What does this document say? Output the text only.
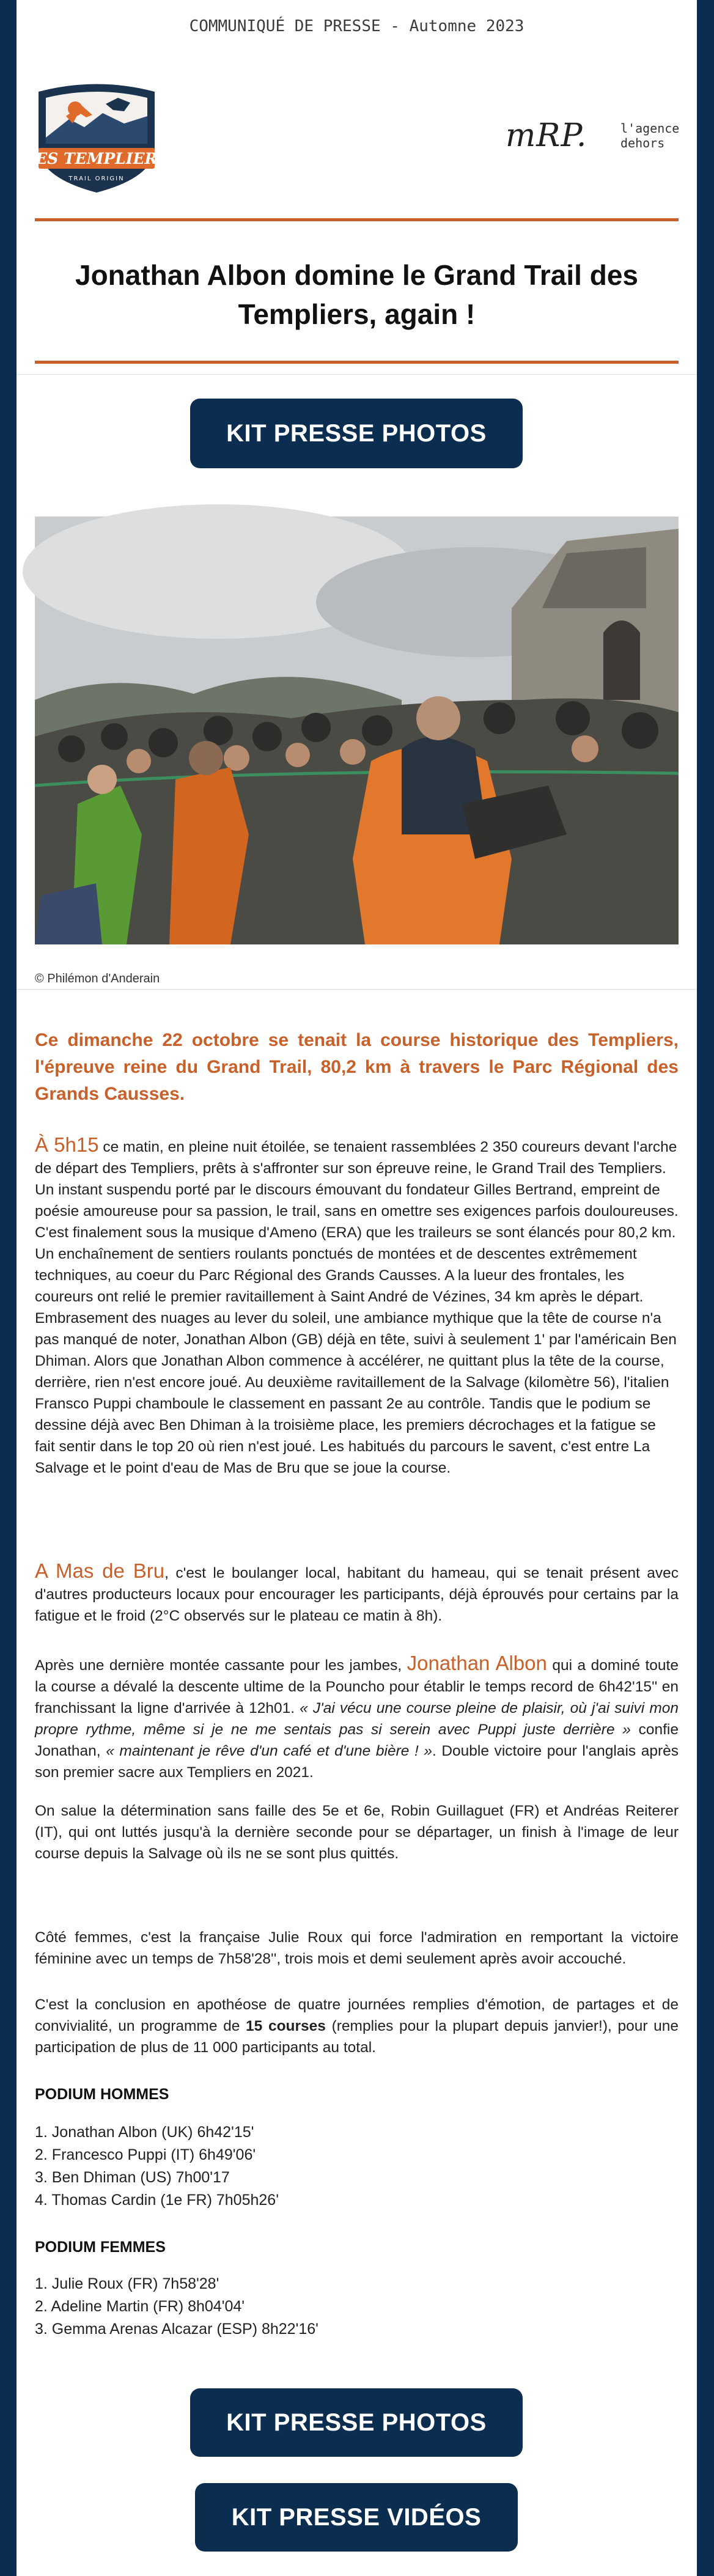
COMMUNIQUÉ DE PRESSE - Automne 2023
LES TEMPLIERS
TRAIL ORIGIN
mRP.	l'agence
dehors
Jonathan Albon domine le Grand Trail des Templiers, again !
KIT PRESSE PHOTOS
© Philémon d'Anderain

Ce dimanche 22 octobre se tenait la course historique des Templiers, l'épreuve reine du Grand Trail, 80,2 km à travers le Parc Régional des Grands Causses.

À 5h15 ce matin, en pleine nuit étoilée, se tenaient rassemblées 2 350 coureurs devant l'arche de départ des Templiers, prêts à s'affronter sur son épreuve reine, le Grand Trail des Templiers. Un instant suspendu porté par le discours émouvant du fondateur Gilles Bertrand, empreint de poésie amoureuse pour sa passion, le trail, sans en omettre ses exigences parfois douloureuses. C'est finalement sous la musique d'Ameno (ERA) que les traileurs se sont élancés pour 80,2 km. Un enchaînement de sentiers roulants ponctués de montées et de descentes extrêmement techniques, au coeur du Parc Régional des Grands Causses. A la lueur des frontales, les coureurs ont relié le premier ravitaillement à Saint André de Vézines, 34 km après le départ. Embrasement des nuages au lever du soleil, une ambiance mythique que la tête de course n'a pas manqué de noter, Jonathan Albon (GB) déjà en tête, suivi à seulement 1' par l'américain Ben Dhiman. Alors que Jonathan Albon commence à accélérer, ne quittant plus la tête de la course, derrière, rien n'est encore joué. Au deuxième ravitaillement de la Salvage (kilomètre 56), l'italien Fransco Puppi chamboule le classement en passant 2e au contrôle. Tandis que le podium se dessine déjà avec Ben Dhiman à la troisième place, les premiers décrochages et la fatigue se fait sentir dans le top 20 où rien n'est joué. Les habitués du parcours le savent, c'est entre La Salvage et le point d'eau de Mas de Bru que se joue la course.

A Mas de Bru, c'est le boulanger local, habitant du hameau, qui se tenait présent avec d'autres producteurs locaux pour encourager les participants, déjà éprouvés pour certains par la fatigue et le froid (2°C observés sur le plateau ce matin à 8h).

Après une dernière montée cassante pour les jambes, Jonathan Albon qui a dominé toute la course a dévalé la descente ultime de la Pouncho pour établir le temps record de 6h42'15'' en franchissant la ligne d'arrivée à 12h01. « J'ai vécu une course pleine de plaisir, où j'ai suivi mon propre rythme, même si je ne me sentais pas si serein avec Puppi juste derrière » confie Jonathan, « maintenant je rêve d'un café et d'une bière ! ». Double victoire pour l'anglais après son premier sacre aux Templiers en 2021.

On salue la détermination sans faille des 5e et 6e, Robin Guillaguet (FR) et Andréas Reiterer (IT), qui ont luttés jusqu'à la dernière seconde pour se départager, un finish à l'image de leur course depuis la Salvage où ils ne se sont plus quittés.

Côté femmes, c'est la française Julie Roux qui force l'admiration en remportant la victoire féminine avec un temps de 7h58'28'', trois mois et demi seulement après avoir accouché.

C'est la conclusion en apothéose de quatre journées remplies d'émotion, de partages et de convivialité, un programme de 15 courses (remplies pour la plupart depuis janvier!), pour une participation de plus de 11 000 participants au total.

PODIUM HOMMES
1. Jonathan Albon (UK) 6h42'15'
2. Francesco Puppi (IT) 6h49'06'
3. Ben Dhiman (US) 7h00'17
4. Thomas Cardin (1e FR) 7h05h26'
PODIUM FEMMES
1. Julie Roux (FR) 7h58'28'
2. Adeline Martin (FR) 8h04'04'
3. Gemma Arenas Alcazar (ESP) 8h22'16'
KIT PRESSE PHOTOS
KIT PRESSE VIDÉOS
